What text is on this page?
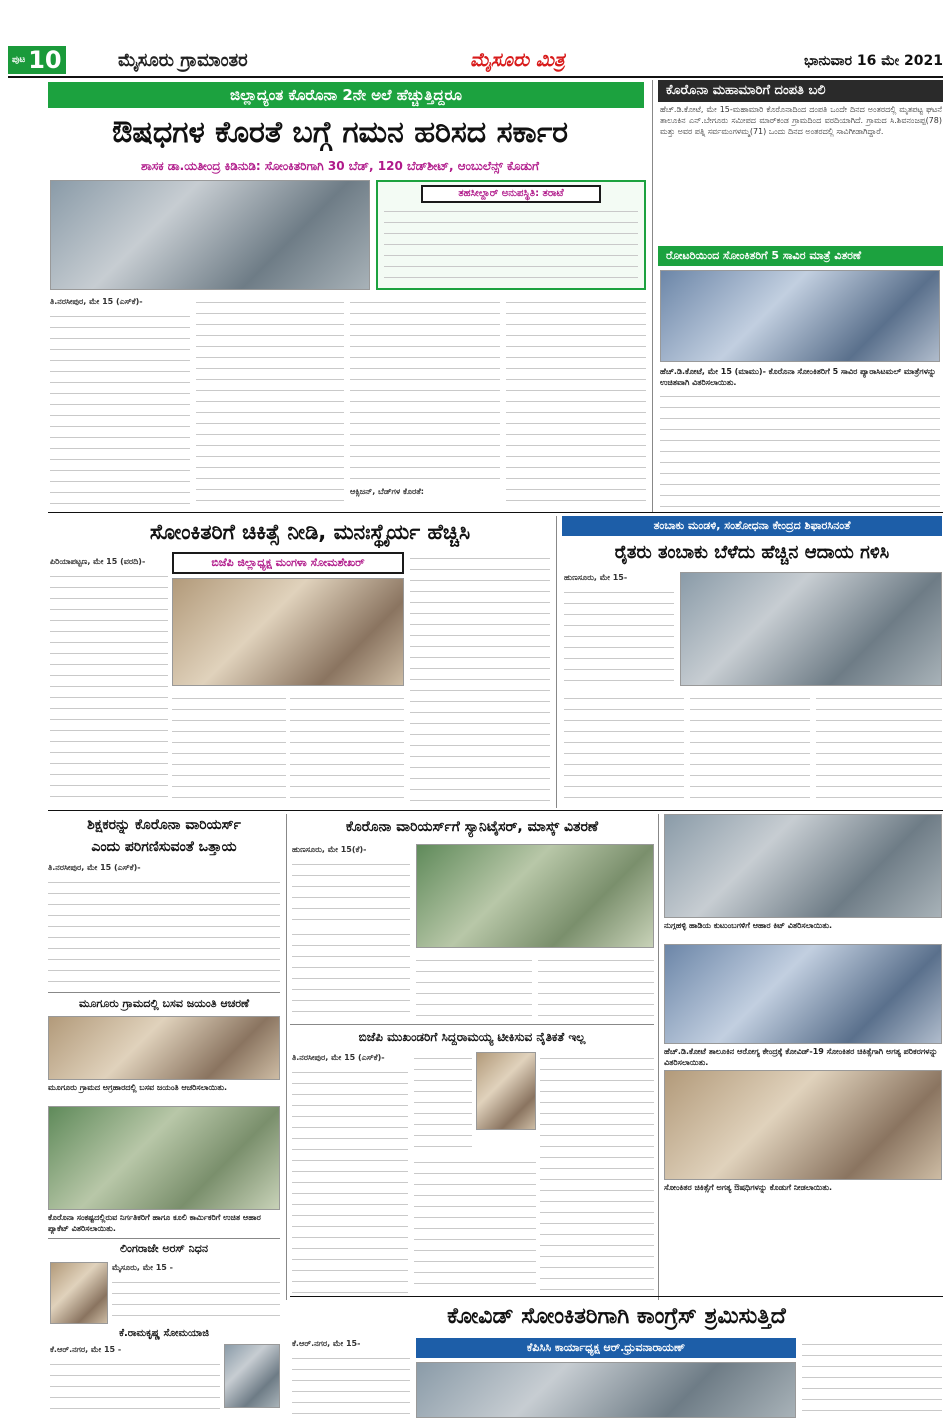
ಪುಟ 10	ಮೈಸೂರು ಗ್ರಾಮಾಂತರ	ಮೈಸೂರು ಮಿತ್ರ	ಭಾನುವಾರ 16 ಮೇ 2021
ಜಿಲ್ಲಾದ್ಯಂತ ಕೊರೊನಾ 2ನೇ ಅಲೆ ಹೆಚ್ಚುತ್ತಿದ್ದರೂ
ಔಷಧಗಳ ಕೊರತೆ ಬಗ್ಗೆ ಗಮನ ಹರಿಸದ ಸರ್ಕಾರ
ಶಾಸಕ ಡಾ.ಯತೀಂದ್ರ ಕಿಡಿನುಡಿ: ಸೋಂಕಿತರಿಗಾಗಿ 30 ಬೆಡ್, 120 ಬೆಡ್‌ಶೀಟ್, ಆಂಬುಲೆನ್ಸ್ ಕೊಡುಗೆ
ತಹಸೀಲ್ದಾರ್ ಅನುಪಸ್ಥಿತಿ: ತರಾಟೆ
ತಿ.ನರಸೀಪುರ, ಮೇ 15 (ಎಸ್‌ಕೆ)-
ಆಕ್ಸಿಜನ್, ಬೆಡ್‌ಗಳ ಕೊರತೆ:
ಕೊರೊನಾ ಮಹಾಮಾರಿಗೆ ದಂಪತಿ ಬಲಿ
ಹೆಚ್.ಡಿ.ಕೋಟೆ, ಮೇ 15-ಮಹಾಮಾರಿ ಕೊರೊನಾದಿಂದ ದಂಪತಿ ಒಂದೇ ದಿನದ ಅಂತರದಲ್ಲಿ ಮೃತಪಟ್ಟ ಘಟನೆ ತಾಲೂಕಿನ ಎನ್.ಬೇಗೂರು ಸಮೀಪದ ಮಾರ್‌ಕಂಡ ಗ್ರಾಮದಿಂದ ವರದಿಯಾಗಿದೆ. ಗ್ರಾಮದ ಸಿ.ಶಿವನಂಜಪ್ಪ(78) ಮತ್ತು ಅವರ ಪತ್ನಿ ಸರ್ವಮಂಗಳಮ್ಮ(71) ಒಂದು ದಿನದ ಅಂತರದಲ್ಲಿ ಸಾವಿಗೀಡಾಗಿದ್ದಾರೆ.
ರೋಟರಿಯಿಂದ ಸೋಂಕಿತರಿಗೆ 5 ಸಾವಿರ ಮಾತ್ರೆ ವಿತರಣೆ
ಹೆಚ್.ಡಿ.ಕೋಟೆ, ಮೇ 15 (ಮಾಮು)- ಕೊರೊನಾ ಸೋಂಕಿತರಿಗೆ 5 ಸಾವಿರ ಪ್ಯಾರಾಸಿಟಮಲ್ ಮಾತ್ರೆಗಳನ್ನು ಉಚಿತವಾಗಿ ವಿತರಿಸಲಾಯಿತು.
ಸೋಂಕಿತರಿಗೆ ಚಿಕಿತ್ಸೆ ನೀಡಿ, ಮನಃಸ್ಥೈರ್ಯ ಹೆಚ್ಚಿಸಿ
ಪಿರಿಯಾಪಟ್ಟಣ, ಮೇ 15 (ವರದಿ)-	ಬಿಜೆಪಿ ಜಿಲ್ಲಾಧ್ಯಕ್ಷ ಮಂಗಳಾ ಸೋಮಶೇಖರ್
ತಂಬಾಕು ಮಂಡಳಿ, ಸಂಶೋಧನಾ ಕೇಂದ್ರದ ಶಿಫಾರಸಿನಂತೆ
ರೈತರು ತಂಬಾಕು ಬೆಳೆದು ಹೆಚ್ಚಿನ ಆದಾಯ ಗಳಿಸಿ
ಹುಣಸೂರು, ಮೇ 15-
ಶಿಕ್ಷಕರನ್ನು ಕೊರೊನಾ ವಾರಿಯರ್ಸ್
ಎಂದು ಪರಿಗಣಿಸುವಂತೆ ಒತ್ತಾಯ
ತಿ.ನರಸೀಪುರ, ಮೇ 15 (ಎಸ್‌ಕೆ)-
ಮೂಗೂರು ಗ್ರಾಮದಲ್ಲಿ ಬಸವ ಜಯಂತಿ ಆಚರಣೆ
ಮೂಗೂರು ಗ್ರಾಮದ ಅಗ್ರಹಾರದಲ್ಲಿ ಬಸವ ಜಯಂತಿ ಆಚರಿಸಲಾಯಿತು.
ಕೊರೊನಾ ಸಂಕಷ್ಟದಲ್ಲಿರುವ ನಿರ್ಗತಿಕರಿಗೆ ಹಾಗೂ ಕೂಲಿ ಕಾರ್ಮಿಕರಿಗೆ ಉಚಿತ ಆಹಾರ ಪ್ಯಾಕೆಟ್ ವಿತರಿಸಲಾಯಿತು.
ಕೊರೊನಾ ವಾರಿಯರ್ಸ್‌ಗೆ ಸ್ಯಾನಿಟೈಸರ್, ಮಾಸ್ಕ್ ವಿತರಣೆ
ಹುಣಸೂರು, ಮೇ 15(ಕೆ)-
ಬಿಜೆಪಿ ಮುಖಂಡರಿಗೆ ಸಿದ್ದರಾಮಯ್ಯ ಟೀಕಿಸುವ ನೈತಿಕತೆ ಇಲ್ಲ
ತಿ.ನರಸೀಪುರ, ಮೇ 15 (ಎಸ್‌ಕೆ)-
ನುಗ್ಗಹಳ್ಳಿ ಹಾಡಿಯ ಕುಟುಂಬಗಳಿಗೆ ಆಹಾರ ಕಿಟ್ ವಿತರಿಸಲಾಯಿತು.
ಹೆಚ್.ಡಿ.ಕೋಟೆ ತಾಲೂಕಿನ ಆರೋಗ್ಯ ಕೇಂದ್ರಕ್ಕೆ ಕೋವಿಡ್-19 ಸೋಂಕಿತರ ಚಿಕಿತ್ಸೆಗಾಗಿ ಅಗತ್ಯ ಪರಿಕರಗಳನ್ನು ವಿತರಿಸಲಾಯಿತು.
ಸೋಂಕಿತರ ಚಿಕಿತ್ಸೆಗೆ ಅಗತ್ಯ ಔಷಧಿಗಳನ್ನು ಕೊಡುಗೆ ನೀಡಲಾಯಿತು.
ಲಿಂಗರಾಜೇ ಅರಸ್ ನಿಧನ
ಮೈಸೂರು, ಮೇ 15 -
ಕೆ.ರಾಮಕೃಷ್ಣ ಸೋಮಯಾಜಿ
ಕೆ.ಆರ್.ನಗರ, ಮೇ 15 -
ಕೋವಿಡ್ ಸೋಂಕಿತರಿಗಾಗಿ ಕಾಂಗ್ರೆಸ್ ಶ್ರಮಿಸುತ್ತಿದೆ
ಕೆ.ಆರ್.ನಗರ, ಮೇ 15-	ಕೆಪಿಸಿಸಿ ಕಾರ್ಯಾಧ್ಯಕ್ಷ ಆರ್.ಧ್ರುವನಾರಾಯಣ್
